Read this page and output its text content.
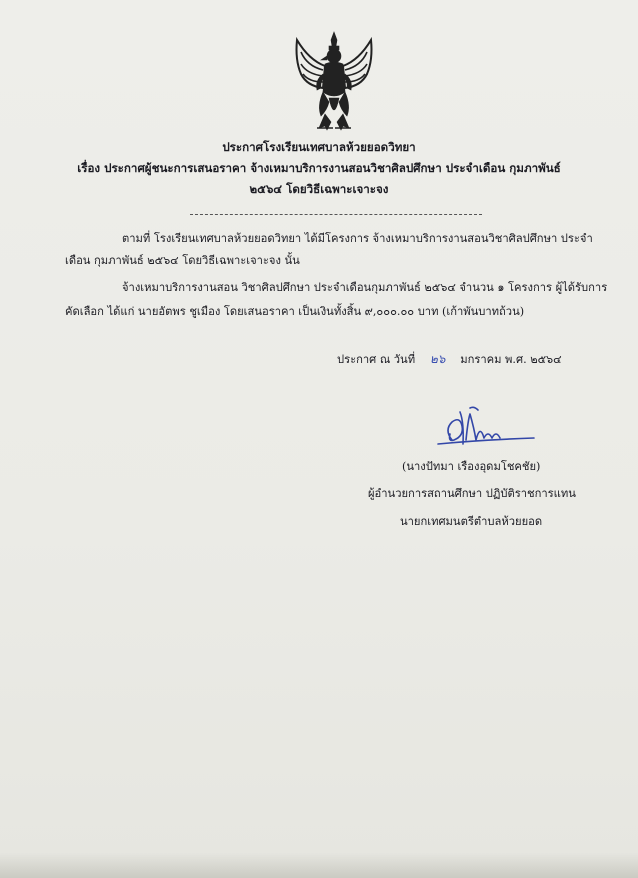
ประกาศโรงเรียนเทศบาลห้วยยอดวิทยา
เรื่อง ประกาศผู้ชนะการเสนอราคา จ้างเหมาบริการงานสอนวิชาศิลปศึกษา ประจำเดือน กุมภาพันธ์
๒๕๖๔ โดยวิธีเฉพาะเจาะจง
ตามที่ โรงเรียนเทศบาลห้วยยอดวิทยา ได้มีโครงการ จ้างเหมาบริการงานสอนวิชาศิลปศึกษา ประจำ
เดือน กุมภาพันธ์ ๒๕๖๔ โดยวิธีเฉพาะเจาะจง นั้น
จ้างเหมาบริการงานสอน วิชาศิลปศึกษา ประจำเดือนกุมภาพันธ์ ๒๕๖๔ จำนวน ๑ โครงการ ผู้ได้รับการ
คัดเลือก ได้แก่ นายอัตพร ชูเมือง โดยเสนอราคา เป็นเงินทั้งสิ้น ๙,๐๐๐.๐๐ บาท (เก้าพันบาทถ้วน)
ประกาศ ณ วันที่ ๒๖ มกราคม พ.ศ. ๒๕๖๔
(นางปัทมา เรืองอุดมโชคชัย)
ผู้อำนวยการสถานศึกษา ปฏิบัติราชการแทน
นายกเทศมนตรีตำบลห้วยยอด
